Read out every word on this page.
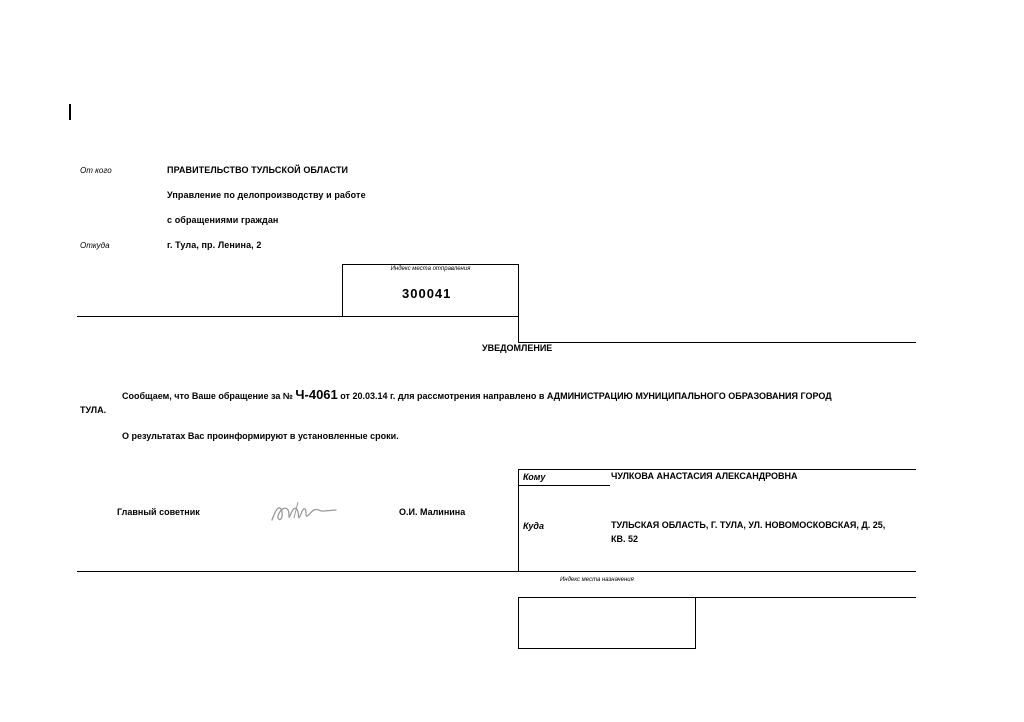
От кого	ПРАВИТЕЛЬСТВО ТУЛЬСКОЙ ОБЛАСТИ
Управление по делопроизводству и работе
с обращениями граждан
Откуда	г. Тула, пр. Ленина, 2
Индекс места отправления
300041
УВЕДОМЛЕНИЕ
Сообщаем, что Ваше обращение за № Ч-4061 от 20.03.14 г. для рассмотрения направлено в АДМИНИСТРАЦИЮ МУНИЦИПАЛЬНОГО ОБРАЗОВАНИЯ ГОРОД
ТУЛА.
О результатах Вас проинформируют в установленные сроки.
Главный советник	О.И. Малинина
Кому	ЧУЛКОВА АНАСТАСИЯ АЛЕКСАНДРОВНА
Куда	ТУЛЬСКАЯ ОБЛАСТЬ, Г. ТУЛА, УЛ. НОВОМОСКОВСКАЯ, Д. 25,
КВ. 52
Индекс места назначения
